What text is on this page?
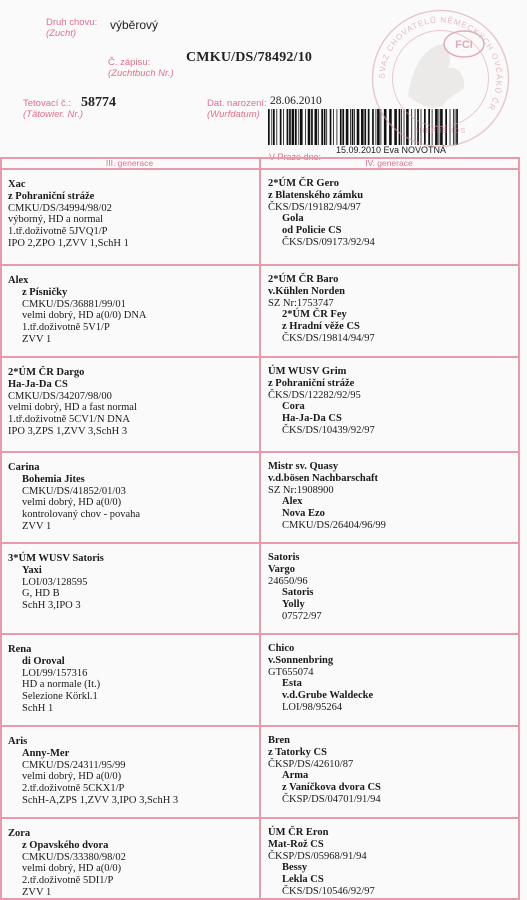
Druh chovu:
(Zucht)
výběrový
Č. zápisu:
(Zuchtbuch Nr.)
CMKU/DS/78492/10
Tetovací č.:
(Tätowier. Nr.)
58774	Dat. narození:
(Wurfdatum)
28.06.2010
15.09.2010 Eva NOVOTNÁ
SVAZ CHOVATELŮ NĚMECKÝCH OVČÁKŮ ČR
FCI
SHEPHERDS
III. generace	IV. generace
Xac
z Pohraniční stráže
CMKU/DS/34994/98/02
výborný, HD a normal
1.tř.doživotně 5JVQ1/P
IPO 2,ZPO 1,ZVV 1,SchH 1
2*ÚM ČR Gero
z Blatenského zámku
ČKS/DS/19182/94/97
Gola
od Policie CS
ČKS/DS/09173/92/94
Alex
z Písničky
CMKU/DS/36881/99/01
velmi dobrý, HD a(0/0) DNA
1.tř.doživotně 5V1/P
ZVV 1
2*ÚM ČR Baro
v.Kühlen Norden
SZ Nr:1753747
2*ÚM ČR Fey
z Hradní věže CS
ČKS/DS/19814/94/97
2*ÚM ČR Dargo
Ha-Ja-Da CS
CMKU/DS/34207/98/00
velmi dobrý, HD a fast normal
1.tř.doživotně 5CV1/N DNA
IPO 3,ZPS 1,ZVV 3,SchH 3
ÚM WUSV Grim
z Pohraniční stráže
ČKS/DS/12282/92/95
Cora
Ha-Ja-Da CS
ČKS/DS/10439/92/97
Carina
Bohemia Jites
CMKU/DS/41852/01/03
velmi dobrý, HD a(0/0)
kontrolovaný chov - povaha
ZVV 1
Mistr sv. Quasy
v.d.bösen Nachbarschaft
SZ Nr:1908900
Alex
Nova Ezo
CMKU/DS/26404/96/99
3*ÚM WUSV Satoris
Yaxi
LOI/03/128595
G, HD B
SchH 3,IPO 3
Satoris
Vargo
24650/96
Satoris
Yolly
07572/97
Rena
di Oroval
LOI/99/157316
HD a normale (It.)
Selezione Körkl.1
SchH 1
Chico
v.Sonnenbring
GT655074
Esta
v.d.Grube Waldecke
LOI/98/95264
Aris
Anny-Mer
CMKU/DS/24311/95/99
velmi dobrý, HD a(0/0)
2.tř.doživotně 5CKX1/P
SchH-A,ZPS 1,ZVV 3,IPO 3,SchH 3
Bren
z Tatorky CS
ČKSP/DS/42610/87
Arma
z Vaníčkova dvora CS
ČKSP/DS/04701/91/94
Zora
z Opavského dvora
CMKU/DS/33380/98/02
velmi dobrý, HD a(0/0)
2.tř.doživotně 5DI1/P
ZVV 1
ÚM ČR Eron
Mat-Rož CS
ČKSP/DS/05968/91/94
Bessy
Lekla CS
ČKS/DS/10546/92/97
